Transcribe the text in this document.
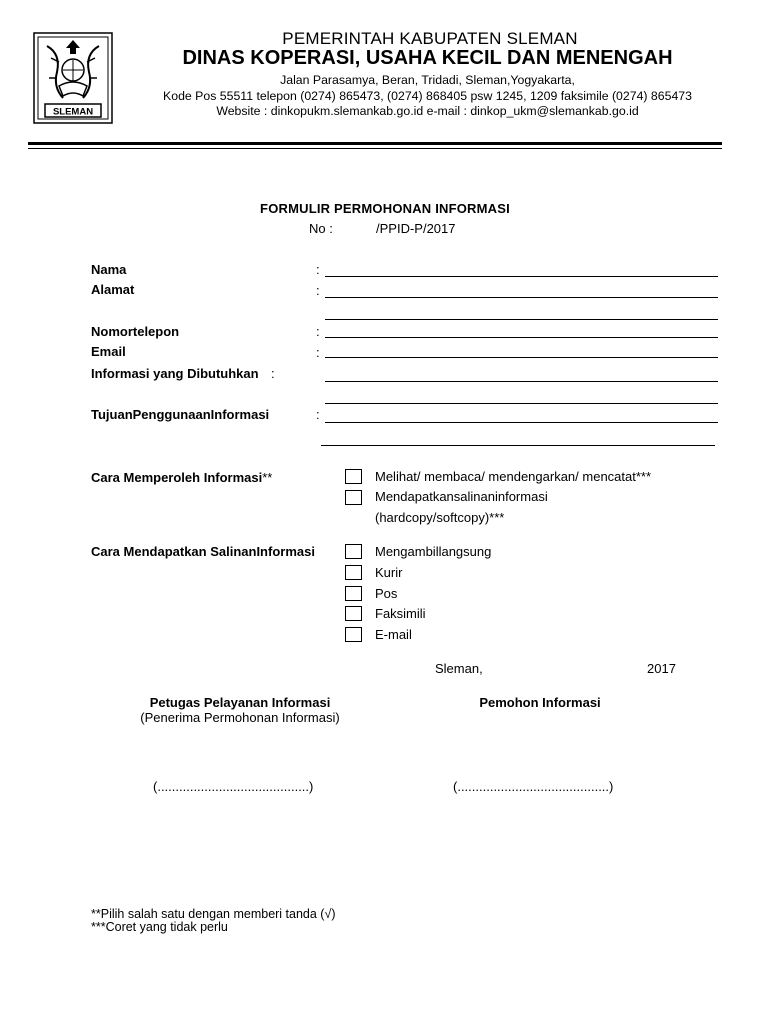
SLEMAN
PEMERINTAH KABUPATEN SLEMAN
DINAS KOPERASI, USAHA KECIL DAN MENENGAH
Jalan Parasamya, Beran, Tridadi, Sleman,Yogyakarta,
Kode Pos 55511 telepon (0274) 865473, (0274) 868405 psw 1245, 1209 faksimile (0274) 865473
Website : dinkopukm.slemankab.go.id e-mail : dinkop_ukm@slemankab.go.id
FORMULIR PERMOHONAN INFORMASI
No :	/PPID-P/2017
Nama	:
Alamat	:
Nomortelepon	:
Email	:
Informasi yang Dibutuhkan :
TujuanPenggunaanInformasi	:
Cara Memperoleh Informasi**	Melihat/ membaca/ mendengarkan/ mencatat***
Mendapatkansalinaninformasi
(hardcopy/softcopy)***
Cara Mendapatkan SalinanInformasi	Mengambillangsung
Kurir
Pos
Faksimili
E-mail
Sleman,	2017
Petugas Pelayanan Informasi
(Penerima Permohonan Informasi)
Pemohon Informasi
(..........................................)	(..........................................)
**Pilih salah satu dengan memberi tanda (√)
***Coret yang tidak perlu
